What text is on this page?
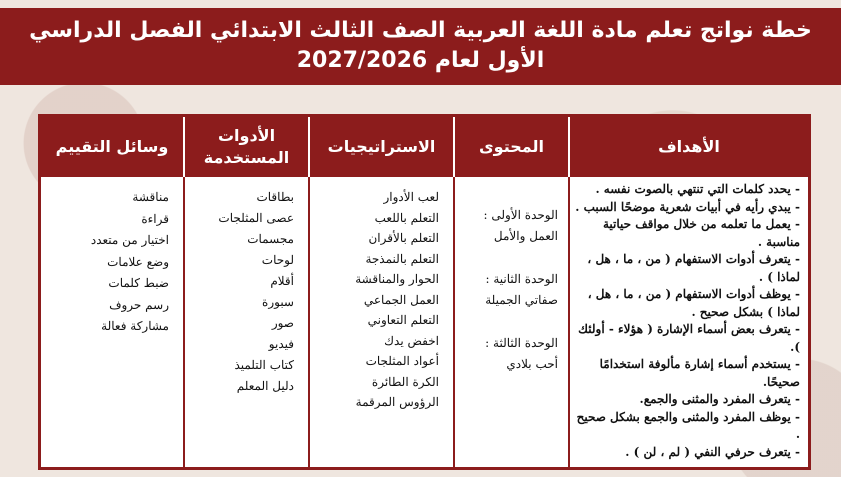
خطة نواتج تعلم مادة اللغة العربية الصف الثالث الابتدائي الفصل الدراسي
الأول لعام 2027/2026
الأهداف
المحتوى
الاستراتيجيات
الأدوات المستخدمة
وسائل التقييم
- يحدد كلمات التي تنتهي بالصوت نفسه .
- يبدي رأيه في أبيات شعرية موضحًا السبب .
- يعمل ما تعلمه من خلال مواقف حياتية مناسبة .
- يتعرف أدوات الاستفهام ( من ، ما ، هل ، لماذا ) .
- يوظف أدوات الاستفهام ( من ، ما ، هل ، لماذا ) بشكل صحيح .
- يتعرف بعض أسماء الإشارة ( هؤلاء - أولئك ).
- يستخدم أسماء إشارة مألوفة استخدامًا صحيحًا.
- يتعرف المفرد والمثنى والجمع.
- يوظف المفرد والمثنى والجمع بشكل صحيح .
- يتعرف حرفي النفي ( لم ، لن ) .
الوحدة الأولى :
العمل والأمل
الوحدة الثانية :
صفاتي الجميلة
الوحدة الثالثة :
أحب بلادي
لعب الأدوار
التعلم باللعب
التعلم بالأقران
التعلم بالنمذجة
الحوار والمناقشة
العمل الجماعي
التعلم التعاوني
اخفض يدك
أعواد المثلجات
الكرة الطائرة
الرؤوس المرقمة
بطاقات
عصى المثلجات
مجسمات
لوحات
أقلام
سبورة
صور
فيديو
كتاب التلميذ
دليل المعلم
مناقشة
قراءة
اختيار من متعدد
وضع علامات
ضبط كلمات
رسم حروف
مشاركة فعالة
